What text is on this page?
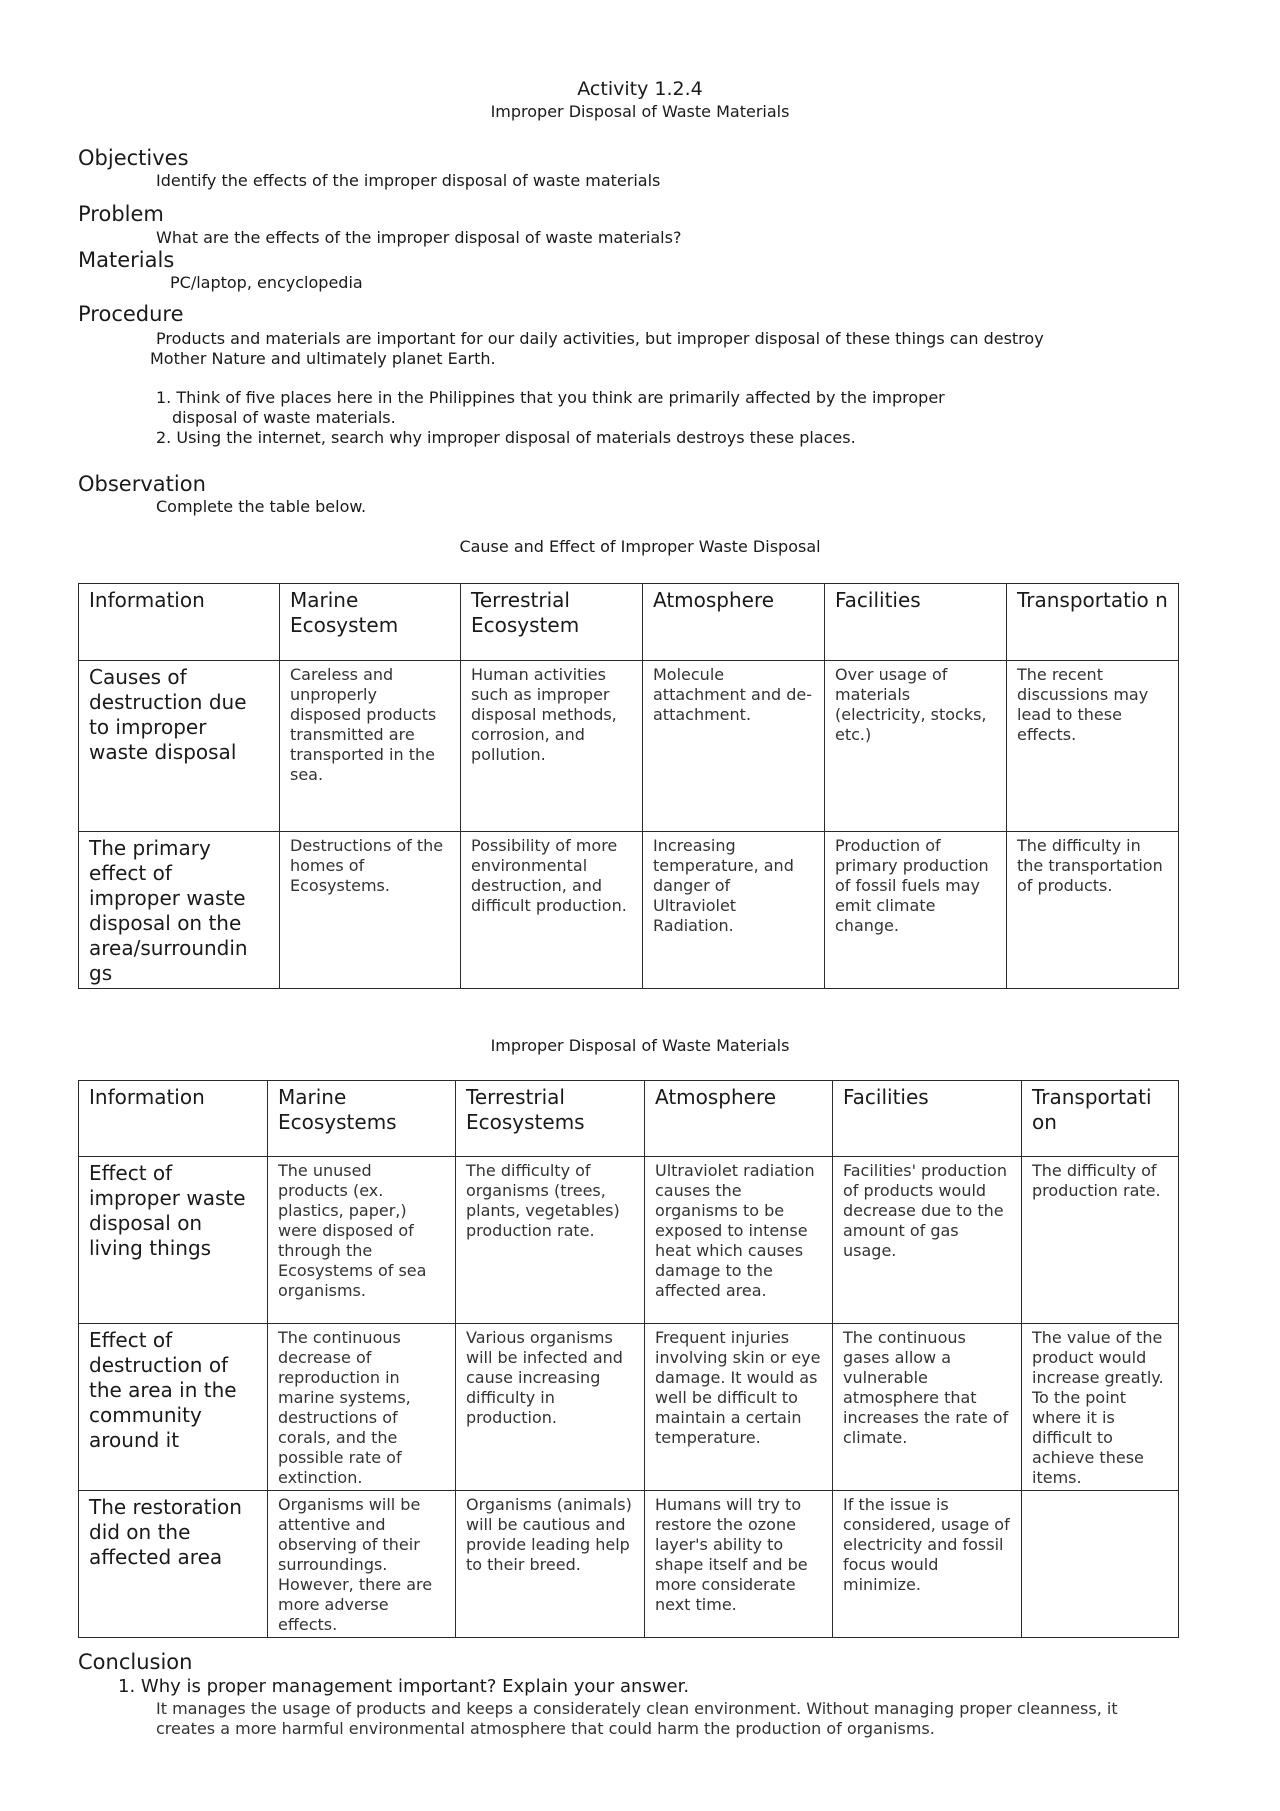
Activity 1.2.4
Improper Disposal of Waste Materials
Objectives
Identify the effects of the improper disposal of waste materials
Problem
What are the effects of the improper disposal of waste materials?
Materials
PC/laptop, encyclopedia
Procedure
Products and materials are important for our daily activities, but improper disposal of these things can destroy
Mother Nature and ultimately planet Earth.
1. Think of five places here in the Philippines that you think are primarily affected by the improper
disposal of waste materials.
2. Using the internet, search why improper disposal of materials destroys these places.
Observation
Complete the table below.
Cause and Effect of Improper Waste Disposal
Information	Marine Ecosystem	Terrestrial Ecosystem	Atmosphere	Facilities	Transportatio n
Causes of destruction due to improper waste disposal	Careless and unproperly disposed products transmitted are transported in the sea.	Human activities such as improper disposal methods, corrosion, and pollution.	Molecule attachment and de-attachment.	Over usage of materials (electricity, stocks, etc.)	The recent discussions may lead to these effects.
The primary effect of improper waste disposal on the area/surroundin gs	Destructions of the homes of Ecosystems.	Possibility of more environmental destruction, and difficult production.	Increasing temperature, and danger of Ultraviolet Radiation.	Production of primary production of fossil fuels may emit climate change.	The difficulty in the transportation of products.
Improper Disposal of Waste Materials
Information	Marine Ecosystems	Terrestrial Ecosystems	Atmosphere	Facilities	Transportati on
Effect of improper waste disposal on living things	The unused products (ex. plastics, paper,) were disposed of through the Ecosystems of sea organisms.	The difficulty of organisms (trees, plants, vegetables) production rate.	Ultraviolet radiation causes the organisms to be exposed to intense heat which causes damage to the affected area.	Facilities' production of products would decrease due to the amount of gas usage.	The difficulty of production rate.
Effect of destruction of the area in the community around it	The continuous decrease of reproduction in marine systems, destructions of corals, and the possible rate of extinction.	Various organisms will be infected and cause increasing difficulty in production.	Frequent injuries involving skin or eye damage. It would as well be difficult to maintain a certain temperature.	The continuous gases allow a vulnerable atmosphere that increases the rate of climate.	The value of the product would increase greatly. To the point where it is difficult to achieve these items.
The restoration did on the affected area	Organisms will be attentive and observing of their surroundings. However, there are more adverse effects.	Organisms (animals) will be cautious and provide leading help to their breed.	Humans will try to restore the ozone layer's ability to shape itself and be more considerate next time.	If the issue is considered, usage of electricity and fossil focus would minimize.	
Conclusion
1. Why is proper management important? Explain your answer.
It manages the usage of products and keeps a considerately clean environment. Without managing proper cleanness, it
creates a more harmful environmental atmosphere that could harm the production of organisms.
